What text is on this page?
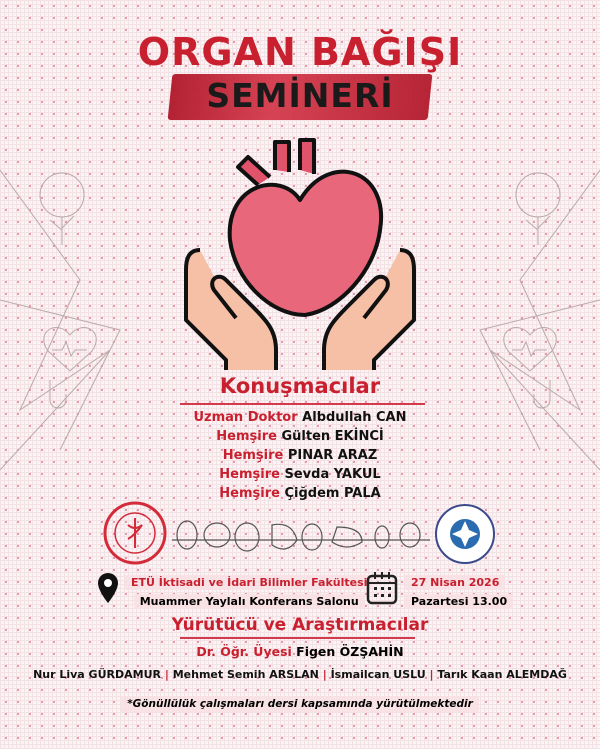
ORGAN BAĞIŞI
SEMİNERİ
Konuşmacılar
Uzman Doktor Albdullah CAN
Hemşire Gülten EKİNCİ
Hemşire PINAR ARAZ
Hemşire Sevda YAKUL
Hemşire Çiğdem PALA
ETÜ İktisadi ve İdari Bilimler Fakültesi
Muammer Yaylalı Konferans Salonu
27 Nisan 2026
Pazartesi 13.00
Yürütücü ve Araştırmacılar
Dr. Öğr. Üyesi Figen ÖZŞAHİN
Nur Liva GÜRDAMUR | Mehmet Semih ARSLAN | İsmailcan USLU | Tarık Kaan ALEMDAĞ
*Gönüllülük çalışmaları dersi kapsamında yürütülmektedir
